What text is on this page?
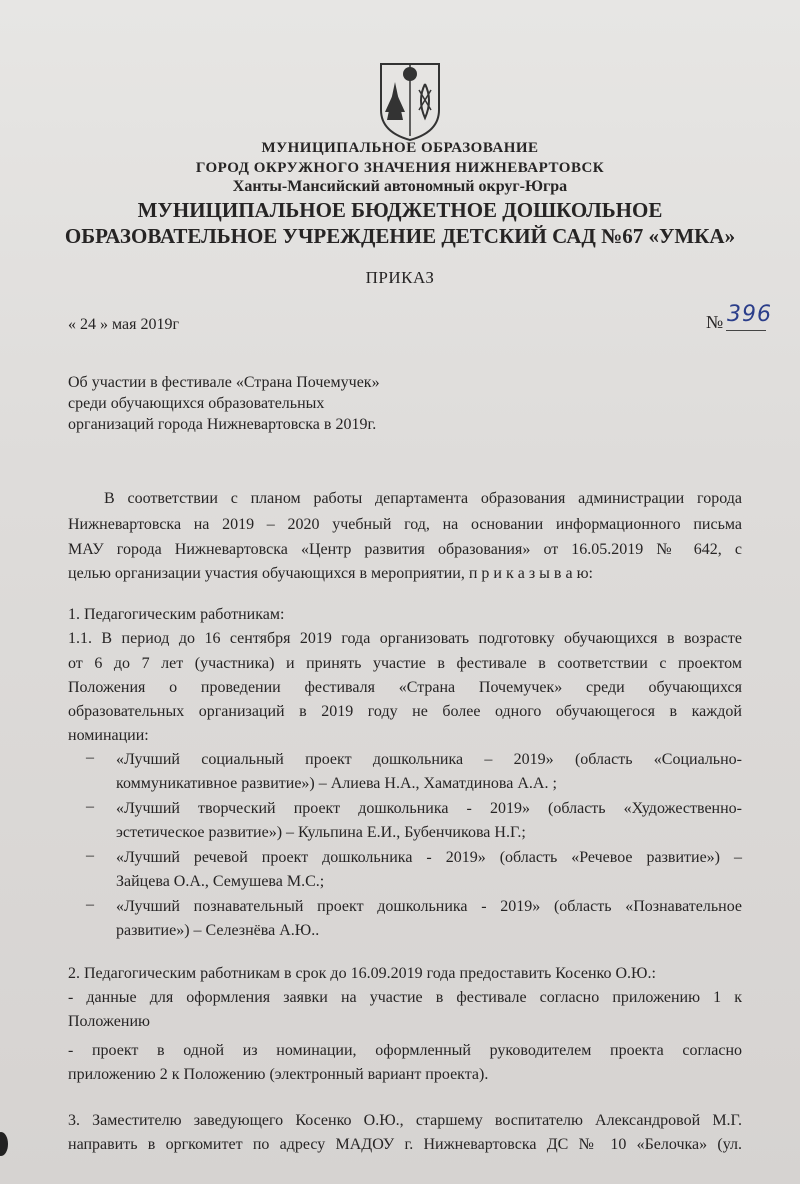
МУНИЦИПАЛЬНОЕ ОБРАЗОВАНИЕ
ГОРОД ОКРУЖНОГО ЗНАЧЕНИЯ НИЖНЕВАРТОВСК
Ханты-Мансийский автономный округ-Югра
МУНИЦИПАЛЬНОЕ БЮДЖЕТНОЕ ДОШКОЛЬНОЕ
ОБРАЗОВАТЕЛЬНОЕ УЧРЕЖДЕНИЕ ДЕТСКИЙ САД №67 «УМКА»
ПРИКАЗ
« 24 » мая 2019г	№ 396
Об участии в фестивале «Страна Почемучек»
среди обучающихся образовательных
организаций города Нижневартовска в 2019г.
В соответствии с планом работы департамента образования администрации города
Нижневартовска на 2019 – 2020 учебный год, на основании информационного письма
МАУ города Нижневартовска «Центр развития образования» от 16.05.2019 № 642, с
целью организации участия обучающихся в мероприятии, п р и к а з ы в а ю:
1. Педагогическим работникам:
1.1. В период до 16 сентября 2019 года организовать подготовку обучающихся в возрасте
от 6 до 7 лет (участника) и принять участие в фестивале в соответствии с проектом
Положения о проведении фестиваля «Страна Почемучек» среди обучающихся
образовательных организаций в 2019 году не более одного обучающегося в каждой
номинации:
– «Лучший социальный проект дошкольника – 2019» (область «Социально-
коммуникативное развитие») – Алиева Н.А., Хаматдинова А.А. ;
– «Лучший творческий проект дошкольника - 2019» (область «Художественно-
эстетическое развитие») – Кульпина Е.И., Бубенчикова Н.Г.;
– «Лучший речевой проект дошкольника - 2019» (область «Речевое развитие») –
Зайцева О.А., Семушева М.С.;
– «Лучший познавательный проект дошкольника - 2019» (область «Познавательное
развитие») – Селезнёва А.Ю..
2. Педагогическим работникам в срок до 16.09.2019 года предоставить Косенко О.Ю.:
- данные для оформления заявки на участие в фестивале согласно приложению 1 к
Положению
- проект в одной из номинации, оформленный руководителем проекта согласно
приложению 2 к Положению (электронный вариант проекта).
3. Заместителю заведующего Косенко О.Ю., старшему воспитателю Александровой М.Г.
направить в оргкомитет по адресу МАДОУ г. Нижневартовска ДС № 10 «Белочка» (ул.
